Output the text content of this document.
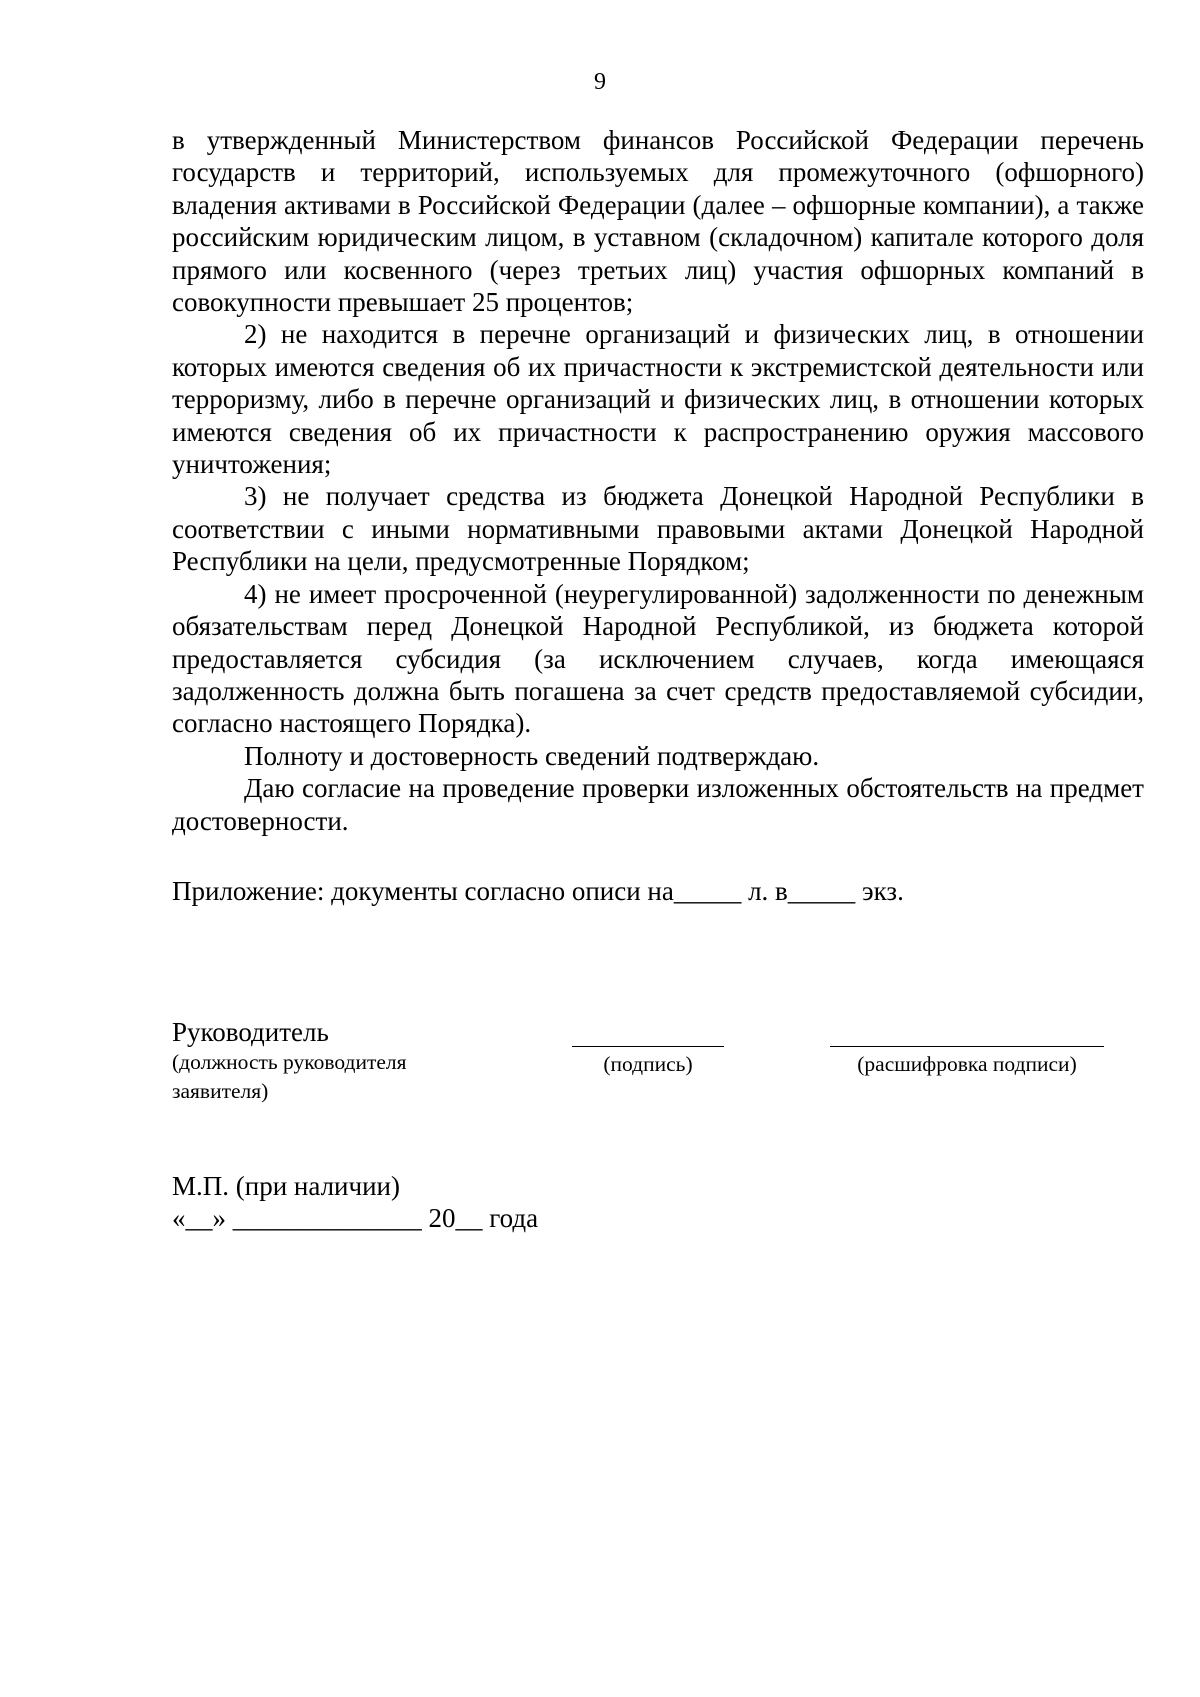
9

в утвержденный Министерством финансов Российской Федерации перечень государств и территорий, используемых для промежуточного (офшорного) владения активами в Российской Федерации (далее – офшорные компании), а также российским юридическим лицом, в уставном (складочном) капитале которого доля прямого или косвенного (через третьих лиц) участия офшорных компаний в совокупности превышает 25 процентов;

2) не находится в перечне организаций и физических лиц, в отношении которых имеются сведения об их причастности к экстремистской деятельности или терроризму, либо в перечне организаций и физических лиц, в отношении которых имеются сведения об их причастности к распространению оружия массового уничтожения;

3) не получает средства из бюджета Донецкой Народной Республики в соответствии с иными нормативными правовыми актами Донецкой Народной Республики на цели, предусмотренные Порядком;

4) не имеет просроченной (неурегулированной) задолженности по денежным обязательствам перед Донецкой Народной Республикой, из бюджета которой предоставляется субсидия (за исключением случаев, когда имеющаяся задолженность должна быть погашена за счет средств предоставляемой субсидии, согласно настоящего Порядка).

Полноту и достоверность сведений подтверждаю.

Даю согласие на проведение проверки изложенных обстоятельств на предмет достоверности.

Приложение: документы согласно описи на_____ л. в_____ экз.
Руководитель
(должность руководителя заявителя)
(подпись)	(расшифровка подписи)
М.П. (при наличии)
«__» ______________ 20__ года
